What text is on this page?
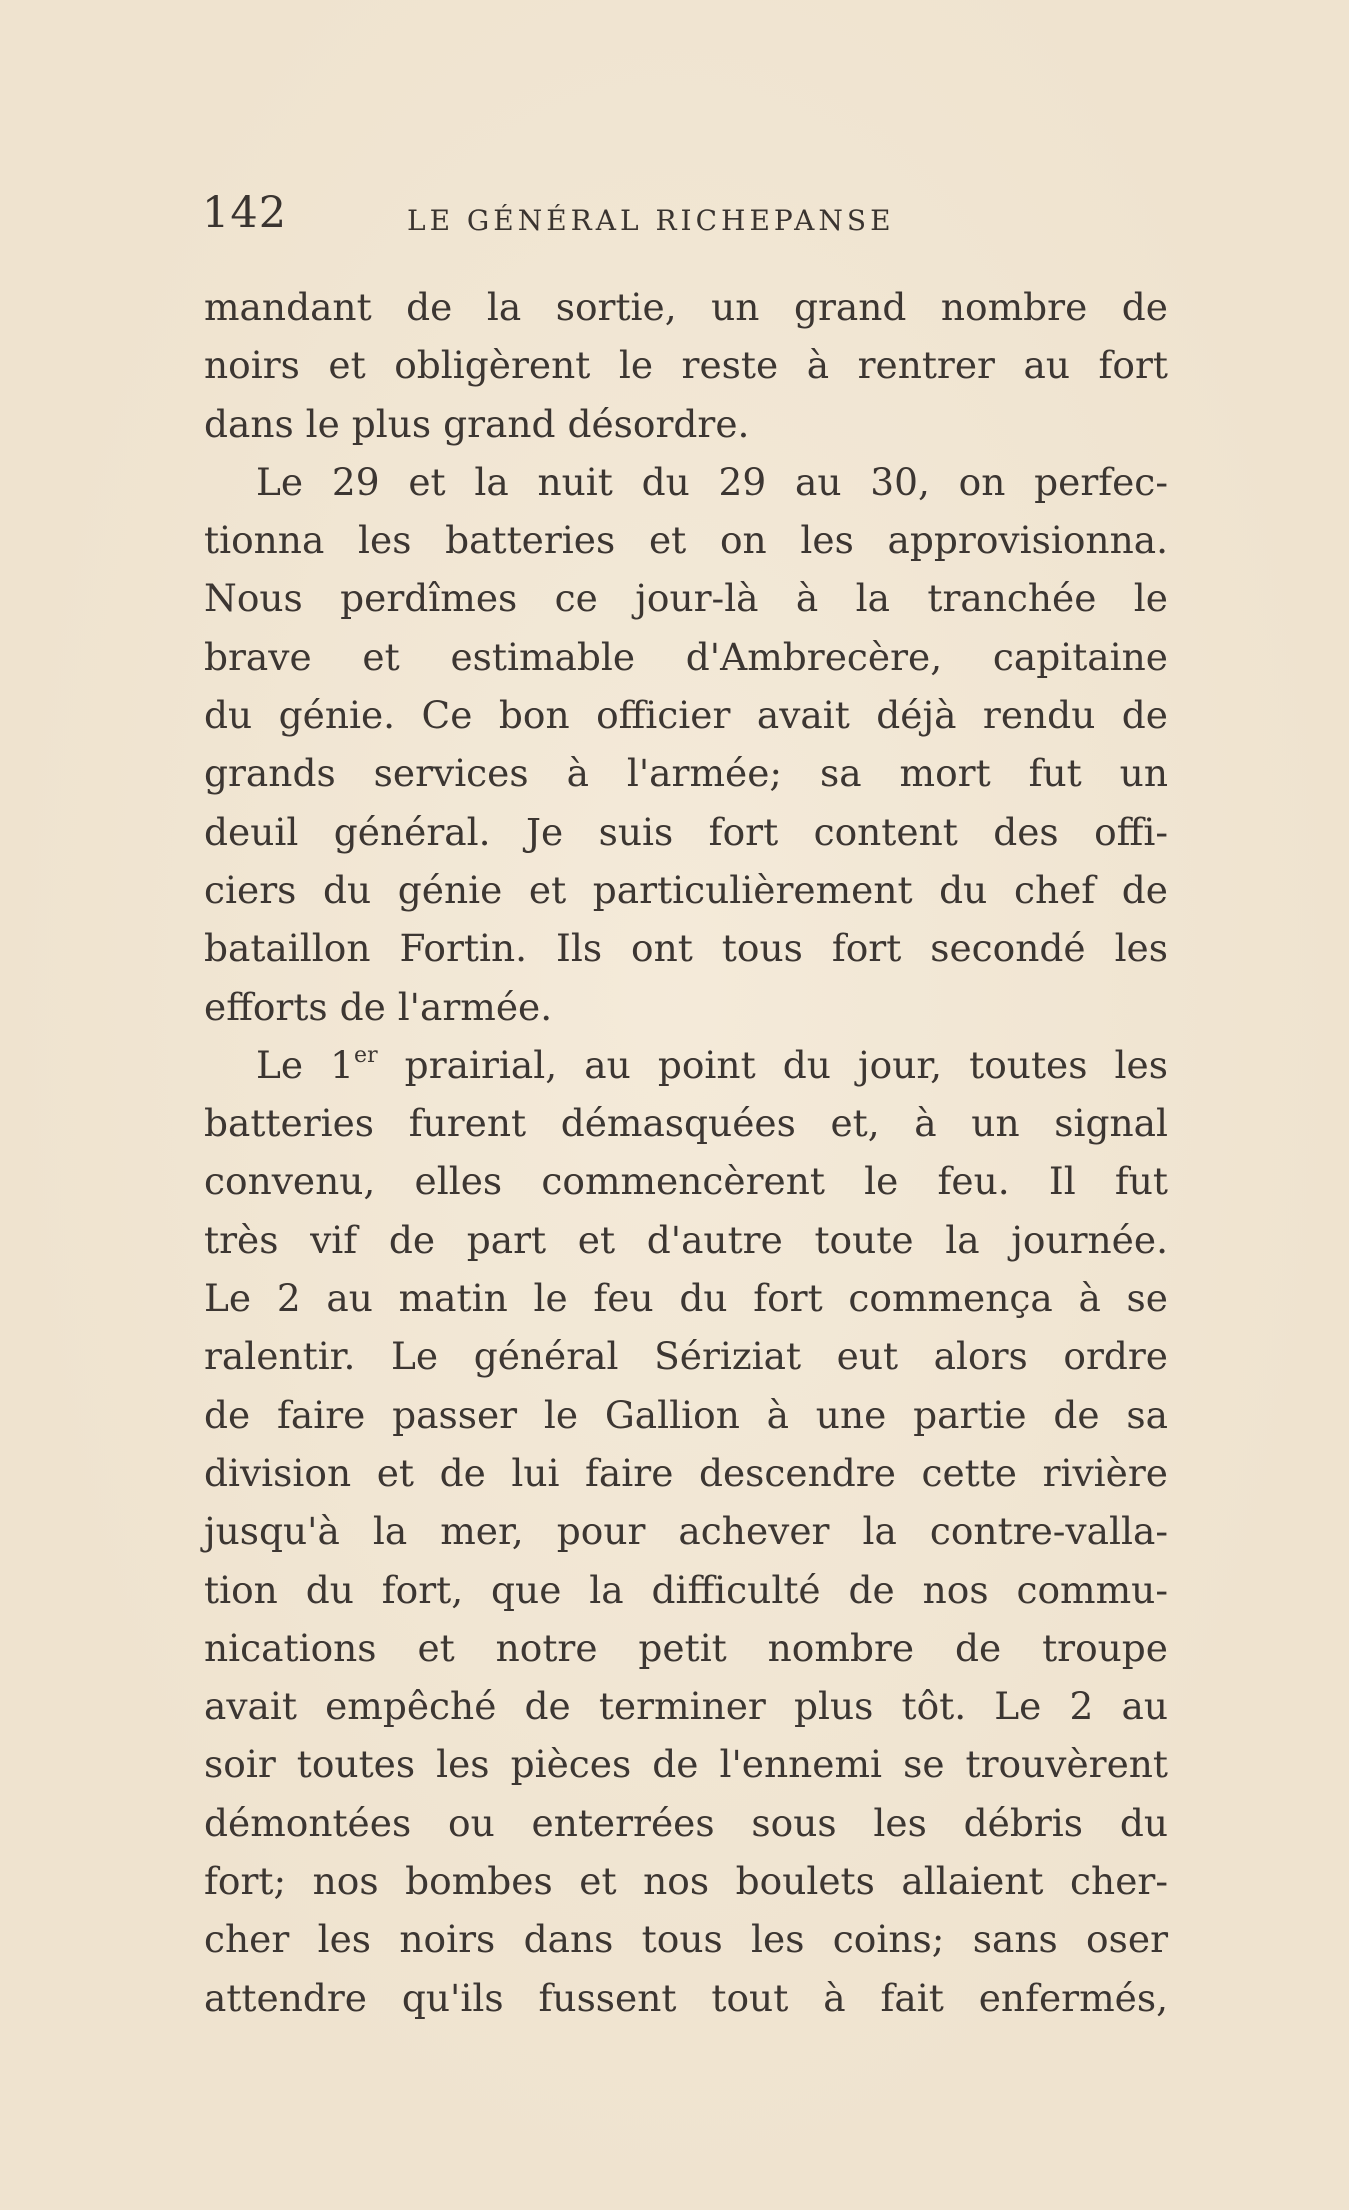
142	LE GÉNÉRAL RICHEPANSE
mandant de la sortie, un grand nombre de
noirs et obligèrent le reste à rentrer au fort
dans le plus grand désordre.
Le 29 et la nuit du 29 au 30, on perfec-
tionna les batteries et on les approvisionna.
Nous perdîmes ce jour-là à la tranchée le
brave et estimable d'Ambrecère, capitaine
du génie. Ce bon officier avait déjà rendu de
grands services à l'armée; sa mort fut un
deuil général. Je suis fort content des offi-
ciers du génie et particulièrement du chef de
bataillon Fortin. Ils ont tous fort secondé les
efforts de l'armée.
Le 1er prairial, au point du jour, toutes les
batteries furent démasquées et, à un signal
convenu, elles commencèrent le feu. Il fut
très vif de part et d'autre toute la journée.
Le 2 au matin le feu du fort commença à se
ralentir. Le général Sériziat eut alors ordre
de faire passer le Gallion à une partie de sa
division et de lui faire descendre cette rivière
jusqu'à la mer, pour achever la contre-valla-
tion du fort, que la difficulté de nos commu-
nications et notre petit nombre de troupe
avait empêché de terminer plus tôt. Le 2 au
soir toutes les pièces de l'ennemi se trouvèrent
démontées ou enterrées sous les débris du
fort; nos bombes et nos boulets allaient cher-
cher les noirs dans tous les coins; sans oser
attendre qu'ils fussent tout à fait enfermés,
